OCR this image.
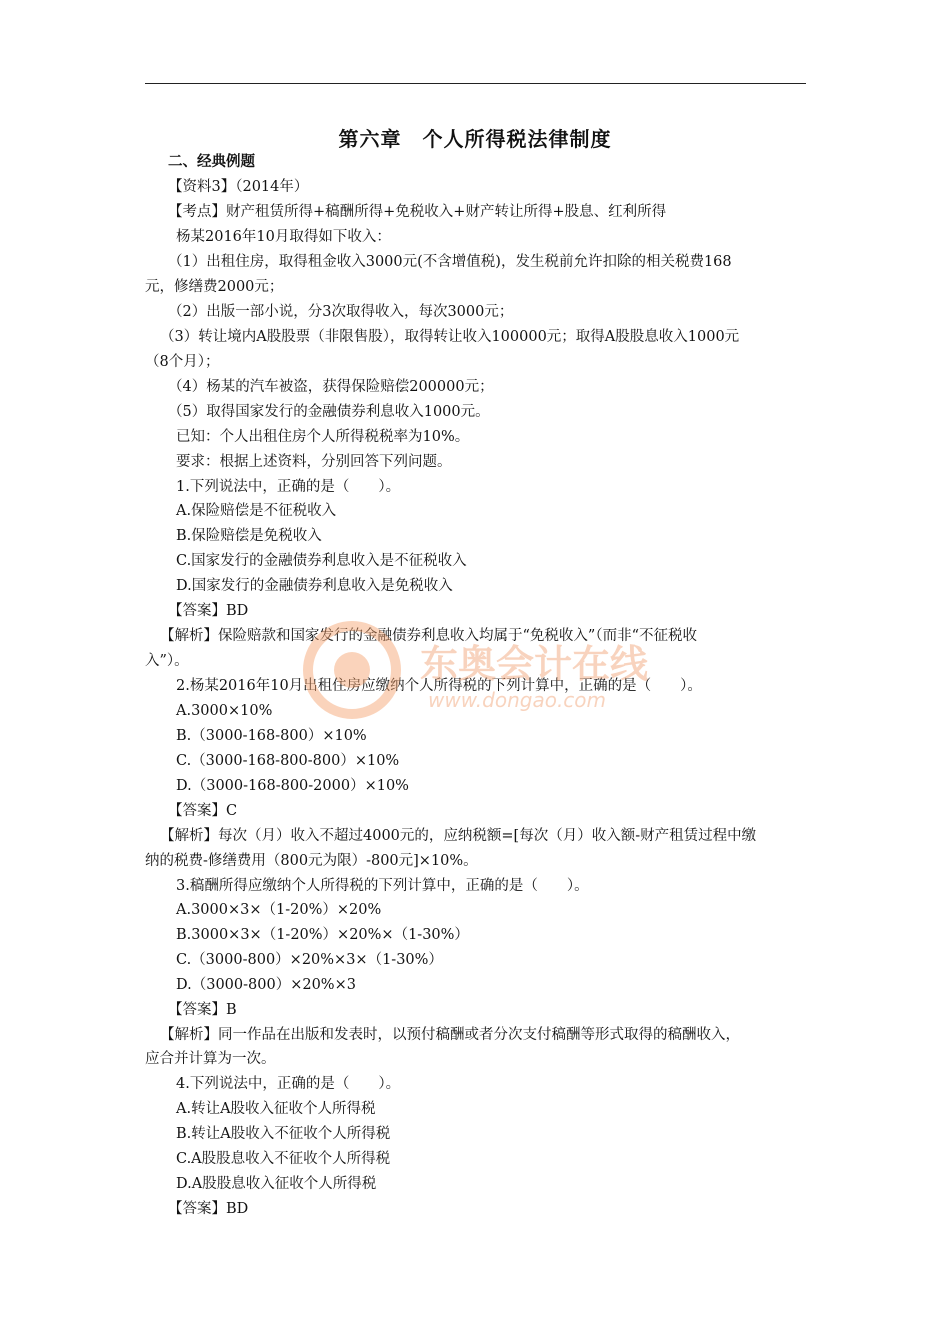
第六章　个人所得税法律制度
二、经典例题
【资料3】（2014年）
【考点】财产租赁所得+稿酬所得+免税收入+财产转让所得+股息、红利所得
杨某2016年10月取得如下收入：
（1）出租住房，取得租金收入3000元(不含增值税)，发生税前允许扣除的相关税费168
元，修缮费2000元；
（2）出版一部小说，分3次取得收入，每次3000元；
（3）转让境内A股股票（非限售股），取得转让收入100000元；取得A股股息收入1000元
（8个月）；
（4）杨某的汽车被盗，获得保险赔偿200000元；
（5）取得国家发行的金融债券利息收入1000元。
已知：个人出租住房个人所得税税率为10%。
要求：根据上述资料，分别回答下列问题。
1.下列说法中，正确的是（　　）。
A.保险赔偿是不征税收入
B.保险赔偿是免税收入
C.国家发行的金融债券利息收入是不征税收入
D.国家发行的金融债券利息收入是免税收入
【答案】BD
【解析】保险赔款和国家发行的金融债券利息收入均属于“免税收入”（而非“不征税收
入”）。
2.杨某2016年10月出租住房应缴纳个人所得税的下列计算中，正确的是（　　）。
A.3000×10%
B.（3000-168-800）×10%
C.（3000-168-800-800）×10%
D.（3000-168-800-2000）×10%
【答案】C
【解析】每次（月）收入不超过4000元的，应纳税额=[每次（月）收入额-财产租赁过程中缴
纳的税费-修缮费用（800元为限）-800元]×10%。
3.稿酬所得应缴纳个人所得税的下列计算中，正确的是（　　）。
A.3000×3×（1-20%）×20%
B.3000×3×（1-20%）×20%×（1-30%）
C.（3000-800）×20%×3×（1-30%）
D.（3000-800）×20%×3
【答案】B
【解析】同一作品在出版和发表时，以预付稿酬或者分次支付稿酬等形式取得的稿酬收入，
应合并计算为一次。
4.下列说法中，正确的是（　　）。
A.转让A股收入征收个人所得税
B.转让A股收入不征收个人所得税
C.A股股息收入不征收个人所得税
D.A股股息收入征收个人所得税
【答案】BD
东奥会计在线
www.dongao.com
